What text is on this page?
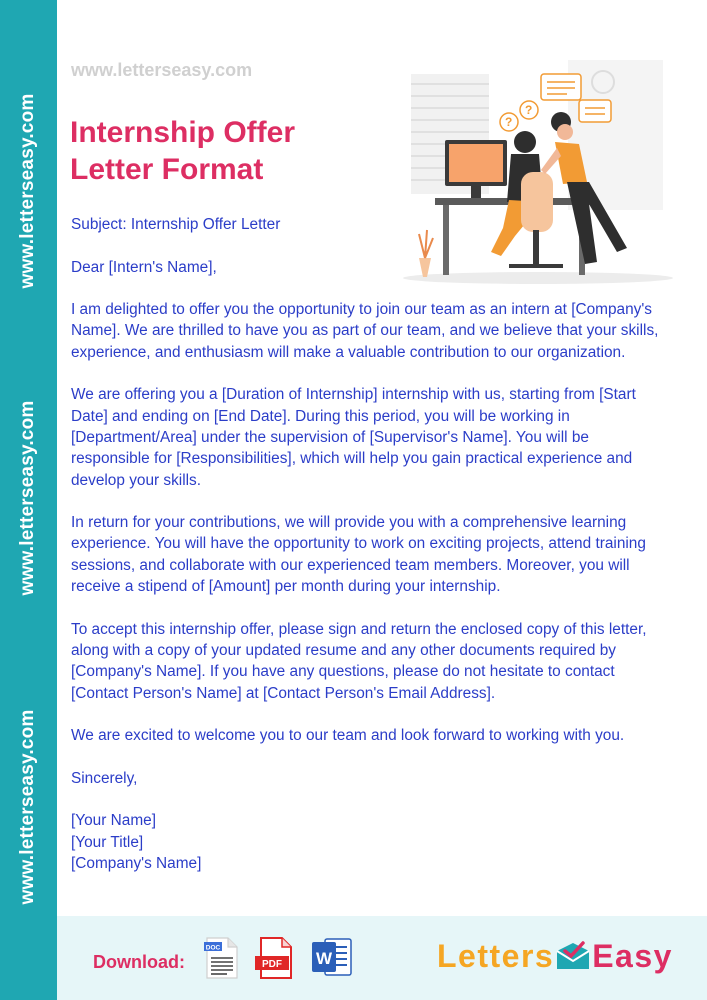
www.letterseasy.com
www.letterseasy.com
www.letterseasy.com

www.letterseasy.com

Internship Offer Letter Format
?
?

Subject: Internship Offer Letter

Dear [Intern's Name],

I am delighted to offer you the opportunity to join our team as an intern at [Company's Name]. We are thrilled to have you as part of our team, and we believe that your skills, experience, and enthusiasm will make a valuable contribution to our organization.

We are offering you a [Duration of Internship] internship with us, starting from [Start Date] and ending on [End Date]. During this period, you will be working in [Department/Area] under the supervision of [Supervisor's Name]. You will be responsible for [Responsibilities], which will help you gain practical experience and develop your skills.

In return for your contributions, we will provide you with a comprehensive learning experience. You will have the opportunity to work on exciting projects, attend training sessions, and collaborate with our experienced team members. Moreover, you will receive a stipend of [Amount] per month during your internship.

To accept this internship offer, please sign and return the enclosed copy of this letter, along with a copy of your updated resume and any other documents required by [Company's Name]. If you have any questions, please do not hesitate to contact [Contact Person's Name] at [Contact Person's Email Address].

We are excited to welcome you to our team and look forward to working with you.

Sincerely,

[Your Name]

[Your Title]

[Company's Name]

Download:

DOC
PDF W	Letters Easy
